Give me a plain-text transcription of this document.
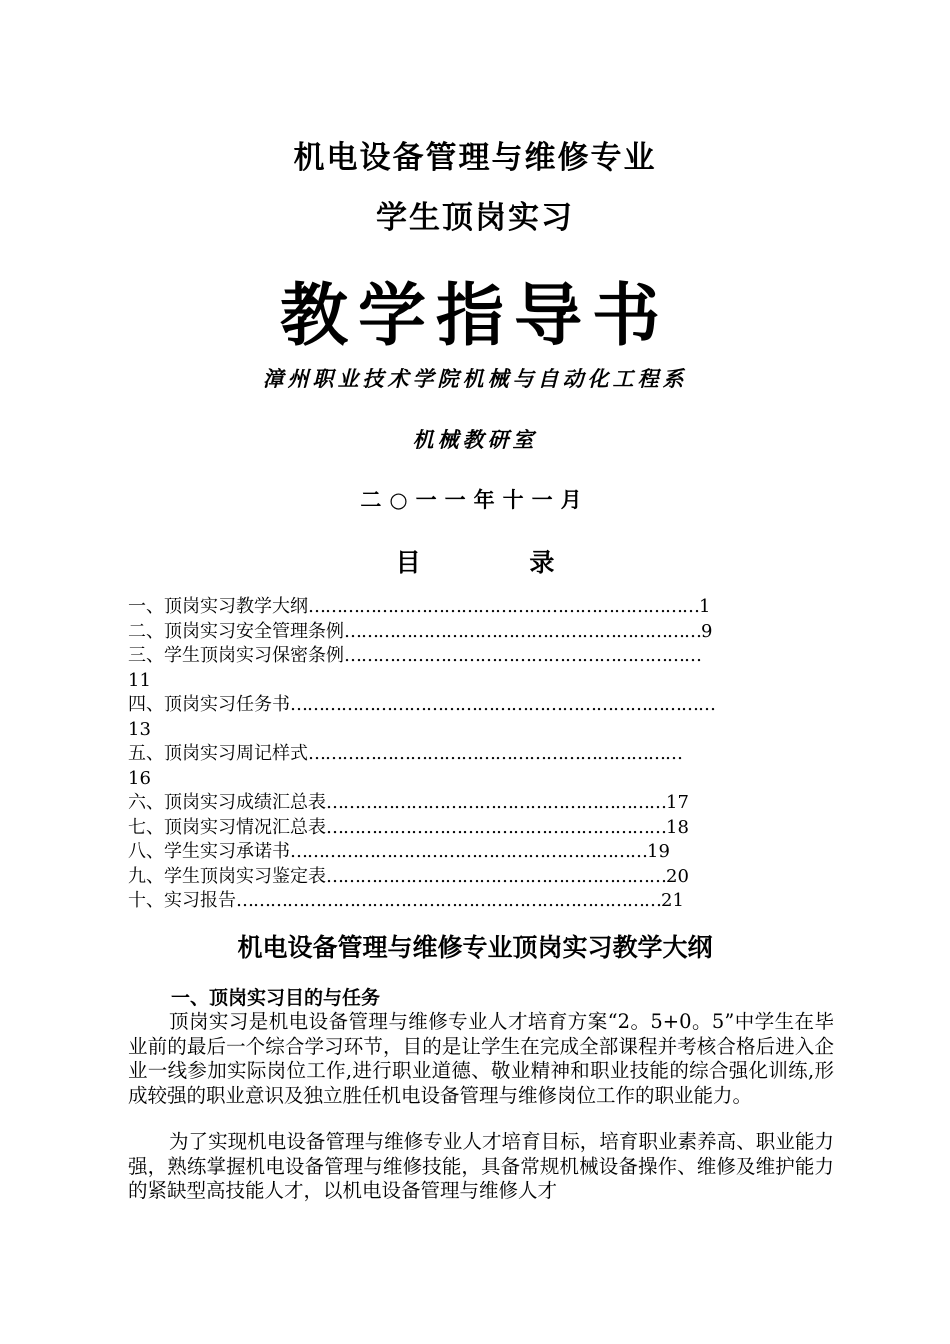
机电设备管理与维修专业
学生顶岗实习
教学指导书
漳州职业技术学院机械与自动化工程系
机械教研室
二○一一年十一月
目 录
一、顶岗实习教学大纲……………………………………………………………1
二、顶岗实习安全管理条例………………………………………………………9
三、学生顶岗实习保密条例………………………………………………………
11
四、顶岗实习任务书…………………………………………………………………
13
五、顶岗实习周记样式…………………………………………………………
16
六、顶岗实习成绩汇总表……………………………………………………17
七、顶岗实习情况汇总表……………………………………………………18
八、学生实习承诺书………………………………………………………19
九、学生顶岗实习鉴定表……………………………………………………20
十、实习报告…………………………………………………………………21
机电设备管理与维修专业顶岗实习教学大纲
一、顶岗实习目的与任务

顶岗实习是机电设备管理与维修专业人才培育方案“2。5+0。5”中学生在毕业前的最后一个综合学习环节，目的是让学生在完成全部课程并考核合格后进入企业一线参加实际岗位工作,进行职业道德、敬业精神和职业技能的综合强化训练,形成较强的职业意识及独立胜任机电设备管理与维修岗位工作的职业能力。

为了实现机电设备管理与维修专业人才培育目标，培育职业素养高、职业能力强，熟练掌握机电设备管理与维修技能，具备常规机械设备操作、维修及维护能力的紧缺型高技能人才，以机电设备管理与维修人才
